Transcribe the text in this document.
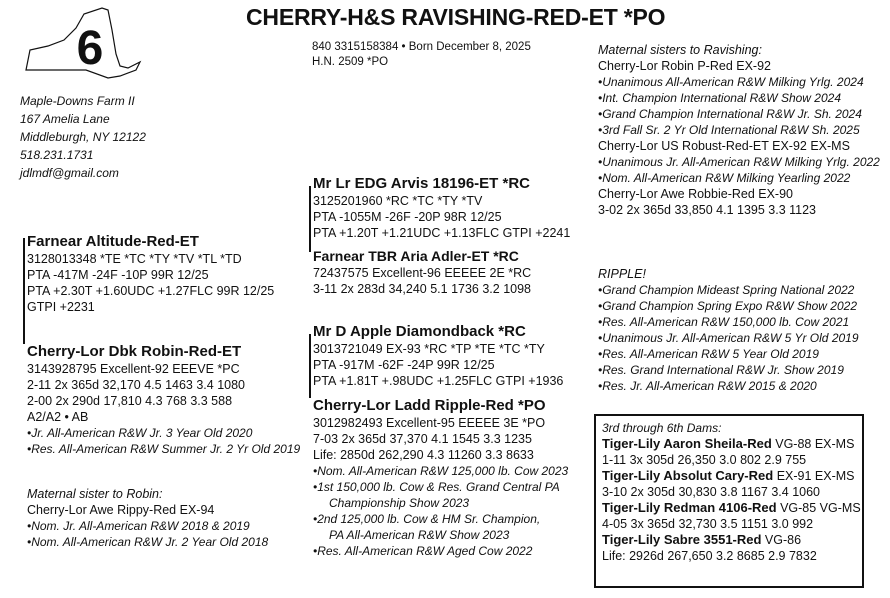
CHERRY-H&S RAVISHING-RED-ET *PO
6
Maple-Downs Farm II
167 Amelia Lane
Middleburgh, NY 12122
518.231.1731
jdlmdf@gmail.com
840 3315158384 • Born December 8, 2025
H.N. 2509 *PO
Mr Lr EDG Arvis 18196-ET *RC
3125201960 *RC *TC *TY *TV
PTA -1055M -26F -20P 98R 12/25
PTA +1.20T +1.21UDC +1.13FLC GTPI +2241
Farnear TBR Aria Adler-ET *RC
72437575 Excellent-96 EEEEE 2E *RC
3-11 2x 283d 34,240 5.1 1736 3.2 1098
Farnear Altitude-Red-ET
3128013348 *TE *TC *TY *TV *TL *TD
PTA -417M -24F -10P 99R 12/25
PTA +2.30T +1.60UDC +1.27FLC 99R 12/25
GTPI +2231
Mr D Apple Diamondback *RC
3013721049 EX-93 *RC *TP *TE *TC *TY
PTA -917M -62F -24P 99R 12/25
PTA +1.81T +.98UDC +1.25FLC GTPI +1936
Cherry-Lor Ladd Ripple-Red *PO
3012982493 Excellent-95 EEEEE 3E *PO
7-03 2x 365d 37,370 4.1 1545 3.3 1235
Life: 2850d 262,290 4.3 11260 3.3 8633
•Nom. All-American R&W 125,000 lb. Cow 2023
•1st 150,000 lb. Cow & Res. Grand Central PA
Championship Show 2023
•2nd 125,000 lb. Cow & HM Sr. Champion,
PA All-American R&W Show 2023
•Res. All-American R&W Aged Cow 2022
Cherry-Lor Dbk Robin-Red-ET
3143928795 Excellent-92 EEEVE *PC
2-11 2x 365d 32,170 4.5 1463 3.4 1080
2-00 2x 290d 17,810 4.3 768 3.3 588
A2/A2 • AB
•Jr. All-American R&W Jr. 3 Year Old 2020
•Res. All-American R&W Summer Jr. 2 Yr Old 2019
Maternal sister to Robin:
Cherry-Lor Awe Rippy-Red EX-94
•Nom. Jr. All-American R&W 2018 & 2019
•Nom. All-American R&W Jr. 2 Year Old 2018
Maternal sisters to Ravishing:
Cherry-Lor Robin P-Red EX-92
•Unanimous All-American R&W Milking Yrlg. 2024
•Int. Champion International R&W Show 2024
•Grand Champion International R&W Jr. Sh. 2024
•3rd Fall Sr. 2 Yr Old International R&W Sh. 2025
Cherry-Lor US Robust-Red-ET EX-92 EX-MS
•Unanimous Jr. All-American R&W Milking Yrlg. 2022
•Nom. All-American R&W Milking Yearling 2022
Cherry-Lor Awe Robbie-Red EX-90
3-02 2x 365d 33,850 4.1 1395 3.3 1123
RIPPLE!
•Grand Champion Mideast Spring National 2022
•Grand Champion Spring Expo R&W Show 2022
•Res. All-American R&W 150,000 lb. Cow 2021
•Unanimous Jr. All-American R&W 5 Yr Old 2019
•Res. All-American R&W 5 Year Old 2019
•Res. Grand International R&W Jr. Show 2019
•Res. Jr. All-American R&W 2015 & 2020
3rd through 6th Dams:
Tiger-Lily Aaron Sheila-Red VG-88 EX-MS
1-11 3x 305d 26,350 3.0 802 2.9 755
Tiger-Lily Absolut Cary-Red EX-91 EX-MS
3-10 2x 305d 30,830 3.8 1167 3.4 1060
Tiger-Lily Redman 4106-Red VG-85 VG-MS
4-05 3x 365d 32,730 3.5 1151 3.0 992
Tiger-Lily Sabre 3551-Red VG-86
Life: 2926d 267,650 3.2 8685 2.9 7832
